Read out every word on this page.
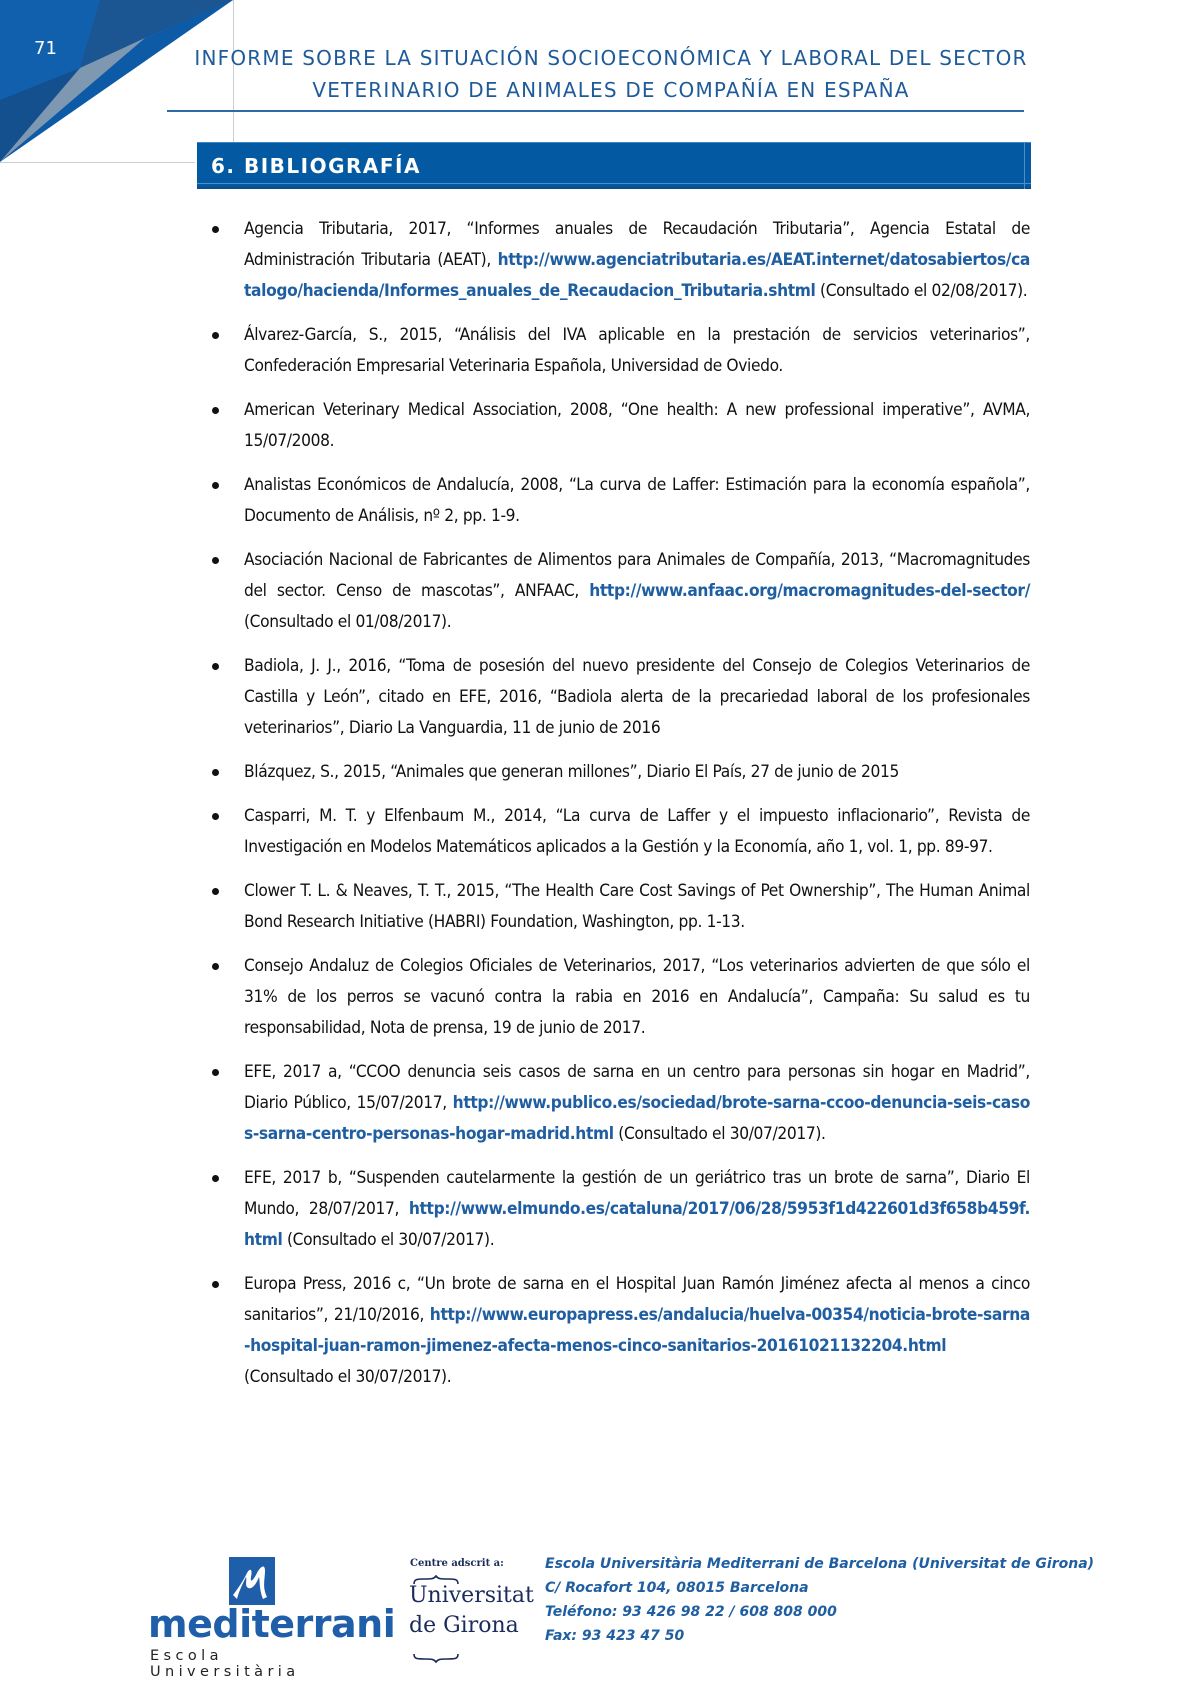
71	INFORME SOBRE LA SITUACIÓN SOCIOECONÓMICA Y LABORAL DEL SECTOR
VETERINARIO DE ANIMALES DE COMPAÑÍA EN ESPAÑA
6. BIBLIOGRAFÍA
Agencia Tributaria, 2017, “Informes anuales de Recaudación Tributaria”, Agencia Estatal de Administración Tributaria (AEAT), http://www.agenciatributaria.es/AEAT.internet/datosabiertos/catalogo/hacienda/Informes_anuales_de_Recaudacion_Tributaria.shtml (Consultado el 02/08/2017).
Álvarez-García, S., 2015, “Análisis del IVA aplicable en la prestación de servicios veterinarios”, Confederación Empresarial Veterinaria Española, Universidad de Oviedo.
American Veterinary Medical Association, 2008, “One health: A new professional imperative”, AVMA, 15/07/2008.
Analistas Económicos de Andalucía, 2008, “La curva de Laffer: Estimación para la economía española”, Documento de Análisis, nº 2, pp. 1-9.
Asociación Nacional de Fabricantes de Alimentos para Animales de Compañía, 2013, “Macromagnitudes del sector. Censo de mascotas”, ANFAAC, http://www.anfaac.org/macromagnitudes-del-sector/ (Consultado el 01/08/2017).
Badiola, J. J., 2016, “Toma de posesión del nuevo presidente del Consejo de Colegios Veterinarios de Castilla y León”, citado en EFE, 2016, “Badiola alerta de la precariedad laboral de los profesionales veterinarios”, Diario La Vanguardia, 11 de junio de 2016
Blázquez, S., 2015, “Animales que generan millones”, Diario El País, 27 de junio de 2015
Casparri, M. T. y Elfenbaum M., 2014, “La curva de Laffer y el impuesto inflacionario”, Revista de Investigación en Modelos Matemáticos aplicados a la Gestión y la Economía, año 1, vol. 1, pp. 89-97.
Clower T. L. & Neaves, T. T., 2015, “The Health Care Cost Savings of Pet Ownership”, The Human Animal Bond Research Initiative (HABRI) Foundation, Washington, pp. 1-13.
Consejo Andaluz de Colegios Oficiales de Veterinarios, 2017, “Los veterinarios advierten de que sólo el 31% de los perros se vacunó contra la rabia en 2016 en Andalucía”, Campaña: Su salud es tu responsabilidad, Nota de prensa, 19 de junio de 2017.
EFE, 2017 a, “CCOO denuncia seis casos de sarna en un centro para personas sin hogar en Madrid”, Diario Público, 15/07/2017, http://www.publico.es/sociedad/brote-sarna-ccoo-denuncia-seis-casos-sarna-centro-personas-hogar-madrid.html (Consultado el 30/07/2017).
EFE, 2017 b, “Suspenden cautelarmente la gestión de un geriátrico tras un brote de sarna”, Diario El Mundo, 28/07/2017, http://www.elmundo.es/cataluna/2017/06/28/5953f1d422601d3f658b459f.html (Consultado el 30/07/2017).
Europa Press, 2016 c, “Un brote de sarna en el Hospital Juan Ramón Jiménez afecta al menos a cinco sanitarios”, 21/10/2016, http://www.europapress.es/andalucia/huelva-00354/noticia-brote-sarna-hospital-juan-ramon-jimenez-afecta-menos-cinco-sanitarios-20161021132204.html (Consultado el 30/07/2017).
mediterrani
Escola Universitària
Centre adscrit a:
Universitat
de Girona
Escola Universitària Mediterrani de Barcelona (Universitat de Girona)
C/ Rocafort 104, 08015 Barcelona
Teléfono: 93 426 98 22 / 608 808 000
Fax: 93 423 47 50
